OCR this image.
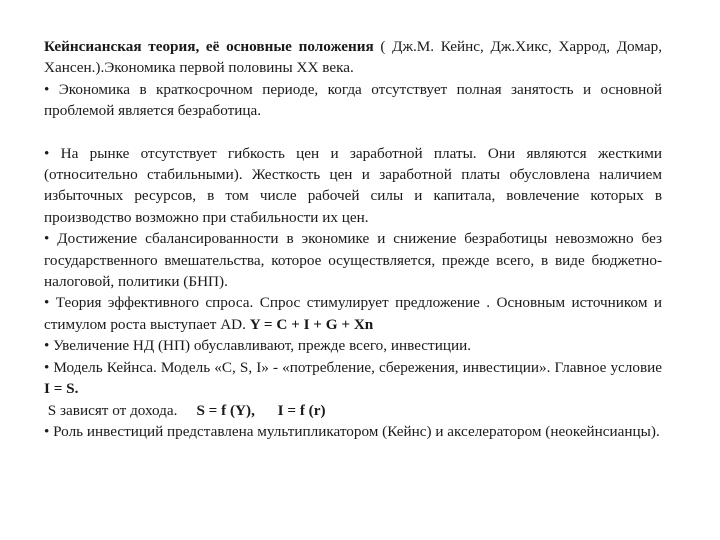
Кейнсианская теория, её основные положения ( Дж.М. Кейнс, Дж.Хикс, Харрод, Домар, Хансен.).Экономика первой половины ХХ века.

• Экономика в краткосрочном периоде, когда отсутствует полная занятость и основной проблемой является безработица.

• На рынке отсутствует гибкость цен и заработной платы. Они являются жесткими (относительно стабильными). Жесткость цен и заработной платы обусловлена наличием избыточных ресурсов, в том числе рабочей силы и капитала, вовлечение которых в производство возможно при стабильности их цен.

• Достижение сбалансированности в экономике и снижение безработицы невозможно без государственного вмешательства, которое осуществляется, прежде всего, в виде бюджетно-налоговой, политики (БНП).

• Теория эффективного спроса. Спрос стимулирует предложение . Основным источником и стимулом роста выступает AD. Y = C + I + G + Xn

• Увеличение НД (НП) обуславливают, прежде всего, инвестиции.

• Модель Кейнса. Модель «C, S, I» - «потребление, сбережения, инвестиции». Главное условие I = S.

S зависят от дохода.     S = f (Y), I = f (r)

• Роль инвестиций представлена мультипликатором (Кейнс) и акселератором (неокейнсианцы).
